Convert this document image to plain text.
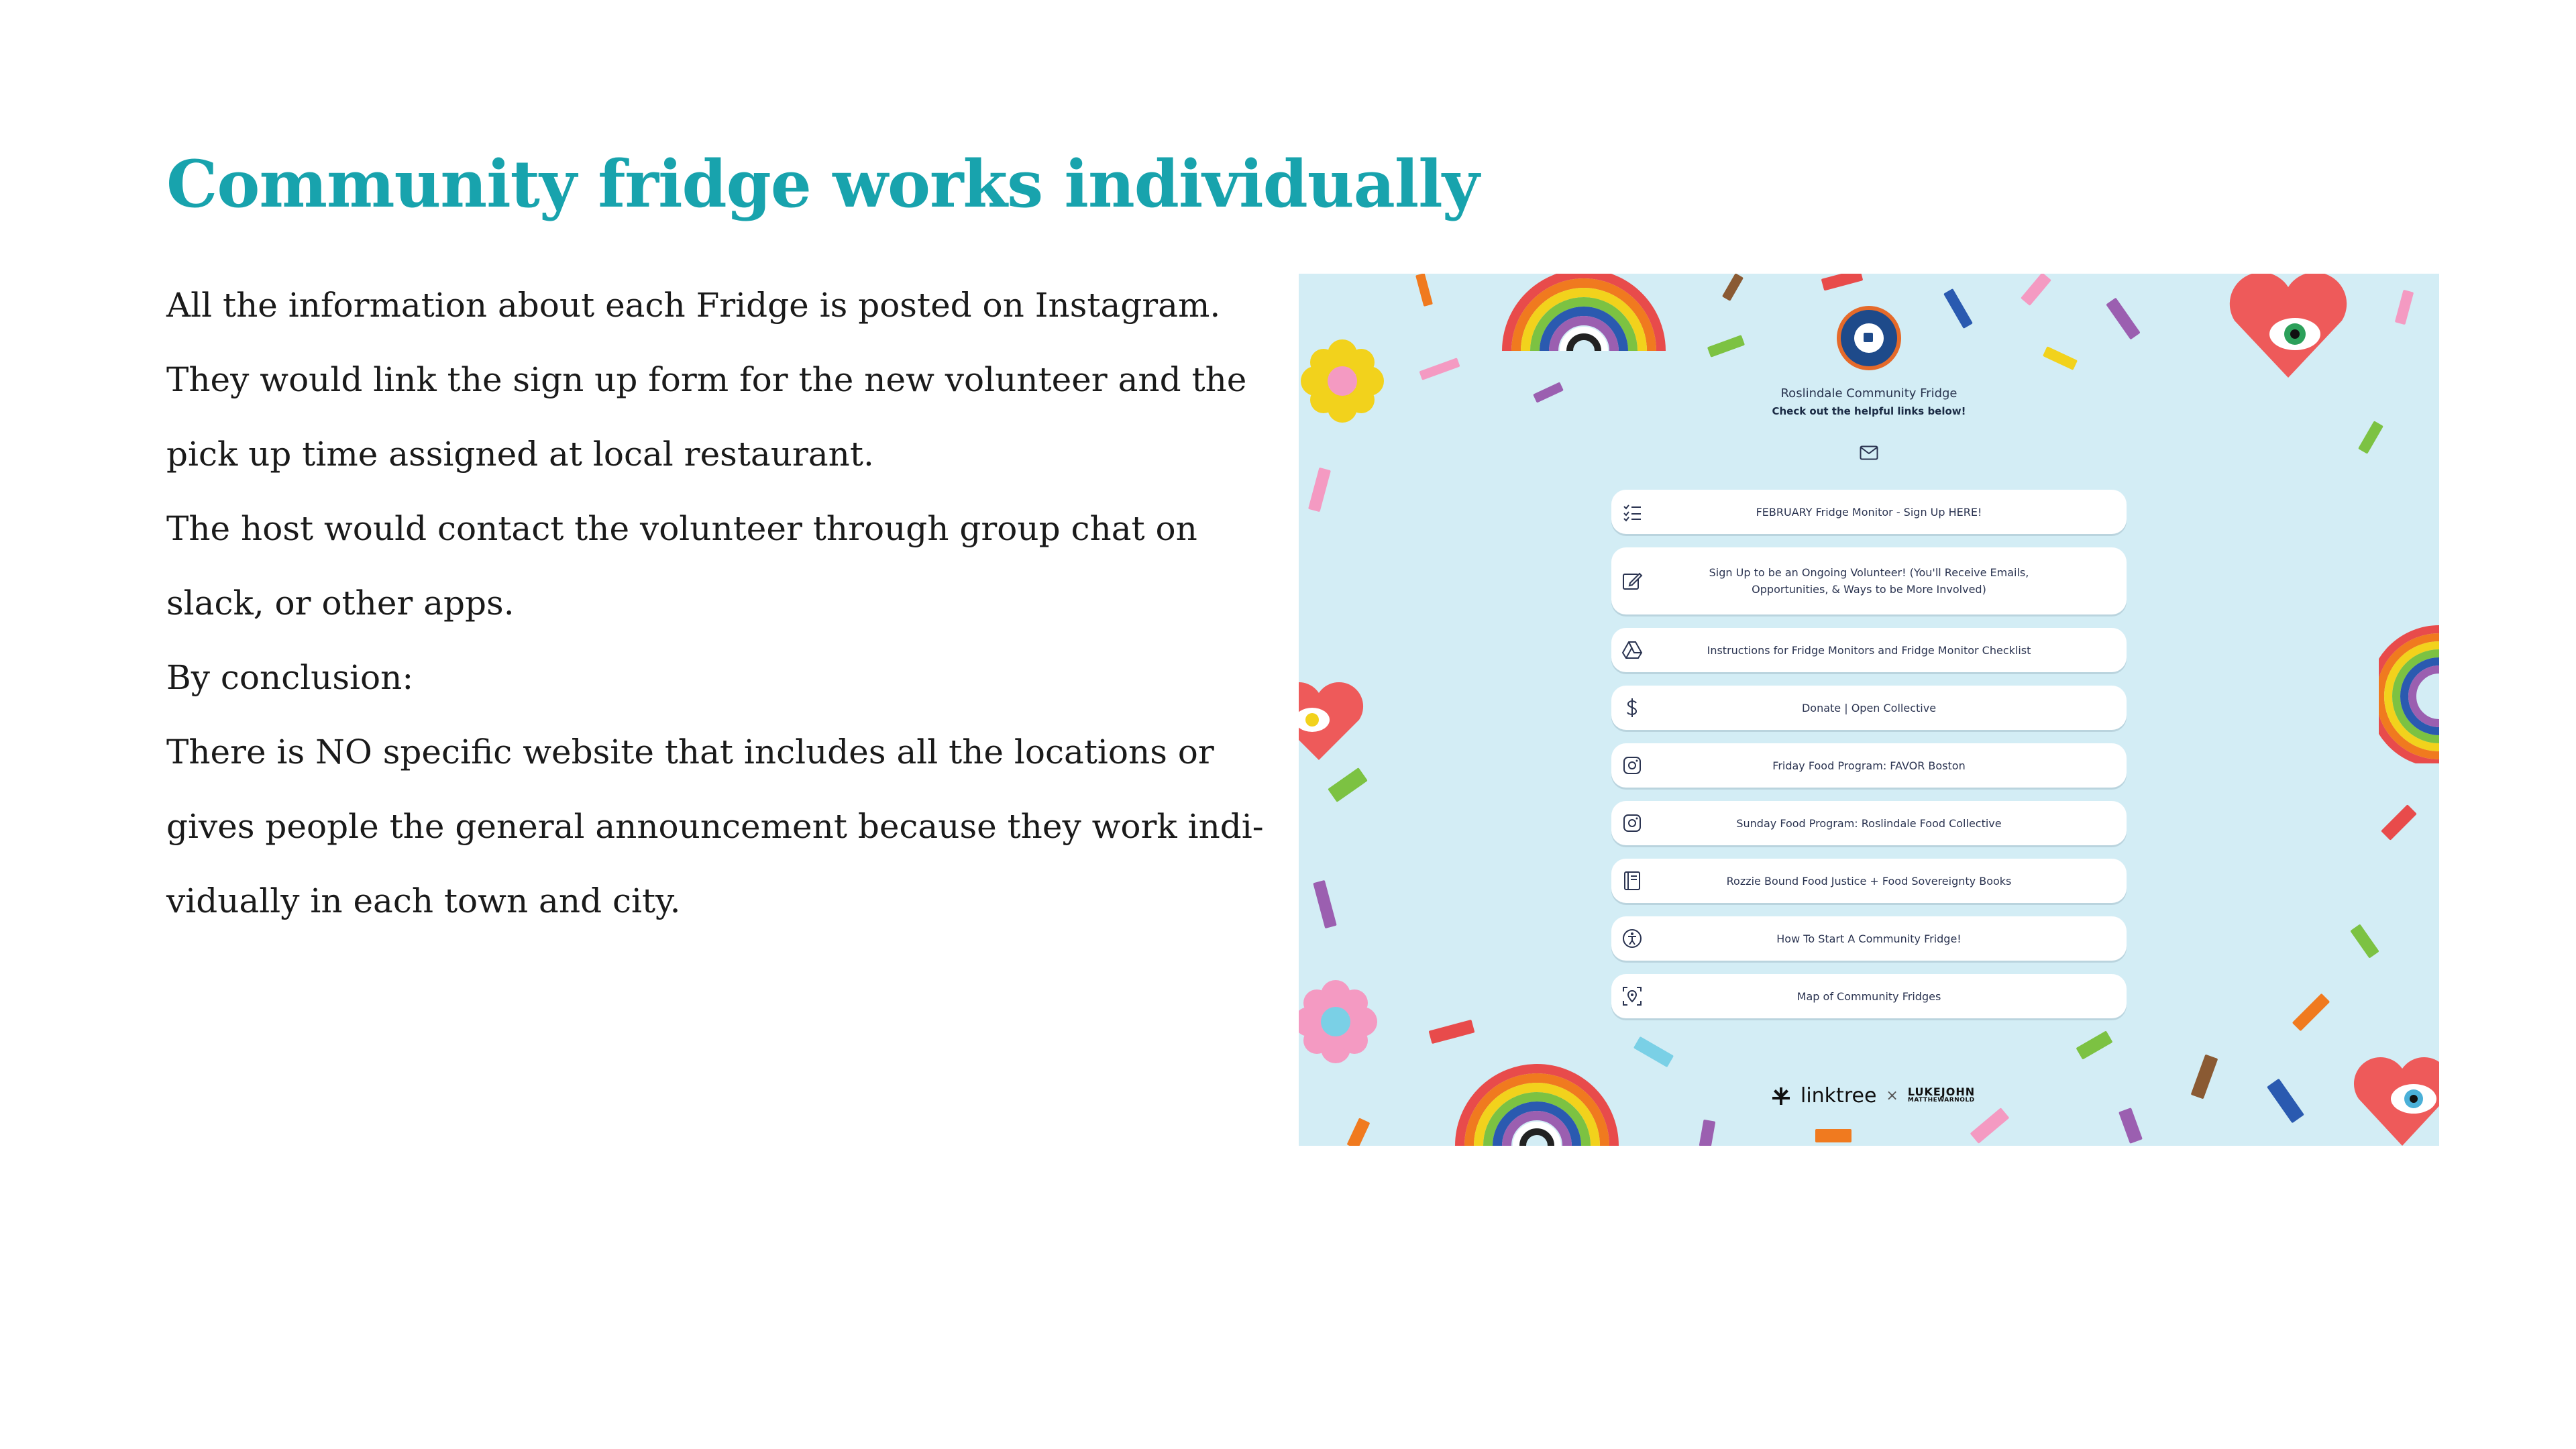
Community fridge works individually

All the information about each Fridge is posted on Instagram.

They would link the sign up form for the new volunteer and the

pick up time assigned at local restaurant.

The host would contact the volunteer through group chat on

slack, or other apps.

By conclusion:

There is NO specific website that includes all the locations or

gives people the general announcement because they work indi-

vidually in each town and city.

Roslindale Community Fridge
Check out the helpful links below!
FEBRUARY Fridge Monitor - Sign Up HERE!
Sign Up to be an Ongoing Volunteer! (You'll Receive Emails, Opportunities, & Ways to be More Involved)
Instructions for Fridge Monitors and Fridge Monitor Checklist
Donate | Open Collective
Friday Food Program: FAVOR Boston
Sunday Food Program: Roslindale Food Collective
Rozzie Bound Food Justice + Food Sovereignty Books
How To Start A Community Fridge!
Map of Community Fridges
linktree × LUKEJOHN
MATTHEWARNOLD
